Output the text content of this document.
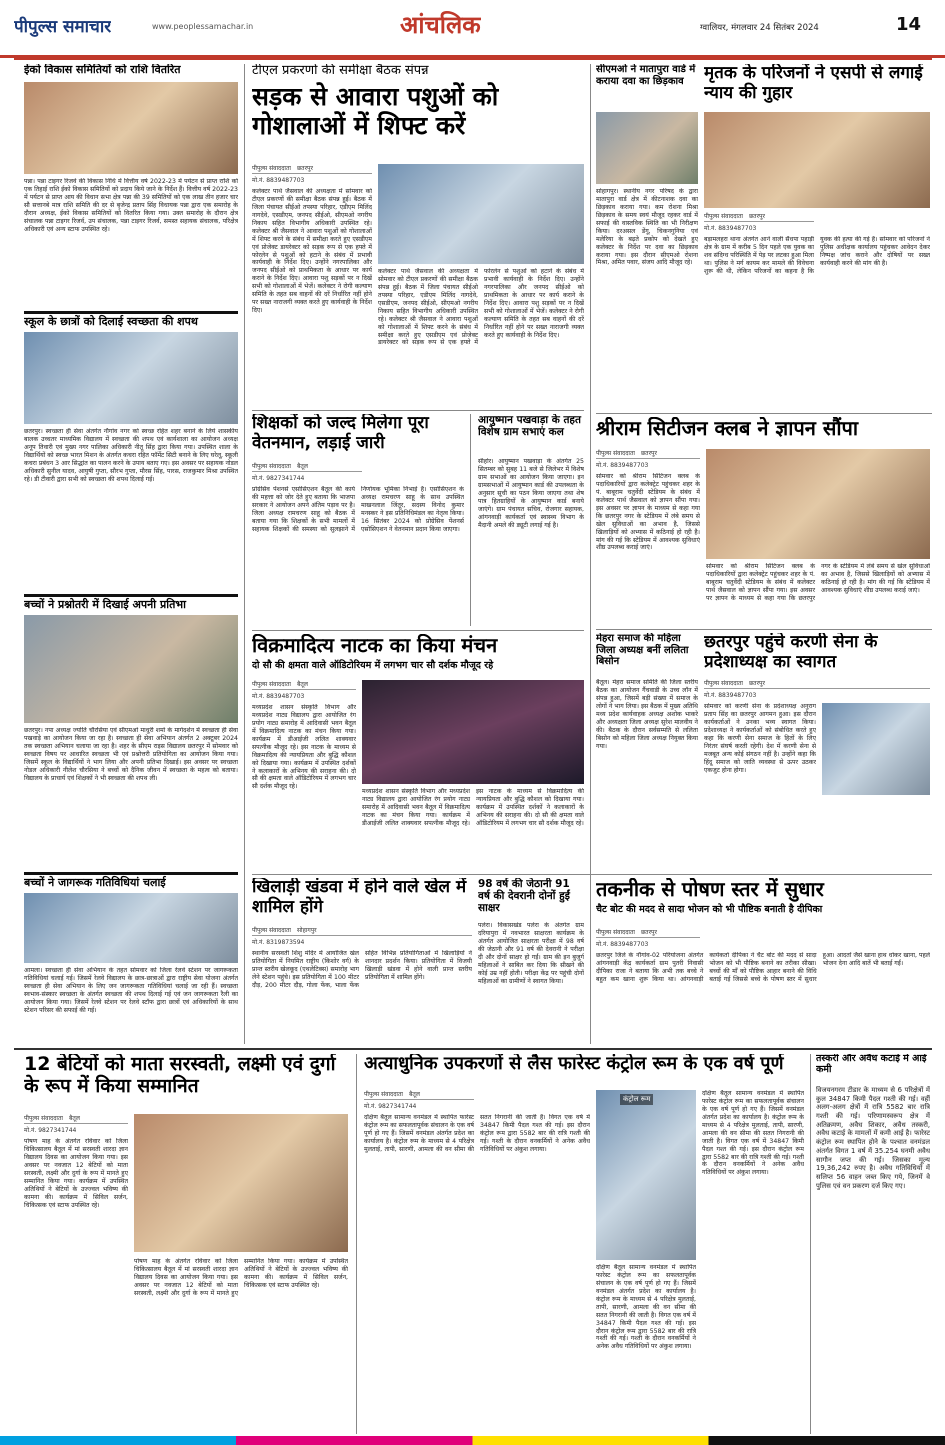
पीपुल्स समाचार	www.peoplessamachar.in	आंचलिक	ग्वालियर, मंगलवार 24 सितंबर 2024	14
ईको विकास समितियों को राशि वितरित
पन्ना। पन्ना टाइगर रिजर्व की विकास निधि में वित्तीय वर्ष 2022-23 में पर्यटन से प्राप्त राशि को एक तिहाई राशि ईको विकास समितियों को प्रदाय किये जाने के निर्देश हैं। वित्तीय वर्ष 2022-23 में पर्यटन से प्राप्त आय की विधान सभा क्षेत्र पन्ना की 39 समितियों को एक लाख तीन हजार चार सौ सत्तानबे मात्र राशि समिति की दर से बृजेन्द्र प्रताप सिंह विधायक पन्ना द्वारा एक समारोह के दौरान अध्यक्ष, ईको विकास समितियों को वितरित किया गया। उक्त समारोह के दौरान क्षेत्र संचालक पन्ना टाइगर रिजर्व, उप संचालक, पन्ना टाइगर रिजर्व, समस्त सहायक संचालक, परिक्षेत्र अधिकारी एवं अन्य स्टाफ उपस्थित रहे।
स्कूल के छात्रों को दिलाई स्वच्छता की शपथ
छतरपुर। स्वच्छता ही सेवा अंतर्गत नौगांव नगर को स्वच्छ रहित शहर बनाने के लिये शासकीय बालक उच्चतर माध्यमिक विद्यालय में स्वच्छता की शपथ एवं कार्यशाला का आयोजन अध्यक्ष अनूप तिवारी एवं मुख्य नगर पालिका अधिकारी नीतू सिंह द्वारा किया गया। उपस्थित शाला के विद्यार्थियों को स्वच्छ भारत मिशन के अंतर्गत कचरा रहित फॉर्मेट सिटी बनाने के लिए घरेलू, स्कूली कचरा प्रबंधन 3 आर सिद्धांत का पालन करने के उपाय बताए गए। इस अवसर पर सहायक नोडल अधिकारी सुनील यादव, आयुषी गुप्ता, सौरभ गुप्ता, मौरस सिंह, पारस, राजकुमार मिश्रा उपस्थित रहे। डी टीवारी द्वारा सभी को स्वच्छता की शपथ दिलाई गई।
बच्चों ने प्रश्नोतरी में दिखाई अपनी प्रतिभा
छतरपुर। नपा अध्यक्ष ज्योति चौरसिया एवं सीएमओ माधुरी शर्मा के मार्गदर्शन में स्वच्छता ही सेवा पखवाड़े का आयोजन किया जा रहा है। स्वच्छता ही सेवा अभियान अंतर्गत 2 अक्टूबर 2024 तक स्वच्छता अभियान चलाया जा रहा है। शहर के सीएम राइस विद्यालय छतरपुर में सोमवार को स्वच्छता विषय पर आधारित स्वच्छता भी एवं प्रश्नोत्तरी प्रतियोगिता का आयोजन किया गया। जिसमें स्कूल के विद्यार्थियों ने भाग लिया और अपनी प्रतिभा दिखाई। इस अवसर पर स्वच्छता नोडल अधिकारी नीलेश चौरसिया ने बच्चों को दैनिक जीवन में स्वच्छता के महत्व को बताया। विद्यालय के प्राचार्य एवं शिक्षकों ने भी स्वच्छता की शपथ ली।
बच्चों ने जागरूक गतिविधियां चलाई
आमला। स्वच्छता ही सेवा अभियान के तहत सोमवार को जिला रेलवे स्टेशन पर जागरूकता गतिविधियां चलाई गई। जिसमें रेलवे विद्यालय के छात्र-छात्राओं द्वारा राष्ट्रीय सेवा योजना अंतर्गत स्वच्छता ही सेवा अभियान के लिए जन जागरूकता गतिविधियां चलाई जा रही हैं। स्वच्छता स्वभाव-संस्कार स्वच्छता के अंतर्गत स्वच्छता की शपथ दिलाई गई एवं जन जागरूकता रैली का आयोजन किया गया। जिसमें रेलवे स्टेशन पर रेलवे स्टॉफ द्वारा छात्रों एवं अधिकारियों के साथ स्टेशन परिसर की सफाई की गई।
टीएल प्रकरणों की समीक्षा बैठक संपन्न
सड़क से आवारा पशुओं को गोशालाओं में शिफ्ट करें
पीपुल्स संवाददाता छतरपुर
मो.नं. 8839487703
कलेक्टर पार्थ जैसवाल की अध्यक्षता में सोमवार को टीएल प्रकरणों की समीक्षा बैठक संपन्न हुई। बैठक में जिला पंचायत सीईओ तपस्या परिहार, एडीएम मिलिंद नागदेवे, एसडीएम, जनपद सीईओ, सीएमओ नगरीय निकाय सहित विभागीय अधिकारी उपस्थित रहे। कलेक्टर श्री जैसवाल ने आवारा पशुओं को गोशालाओं में शिफ्ट करने के संबंध में समीक्षा करते हुए एसडीएम एवं प्रोजेक्ट डायरेक्टर को सड़क रूप से एक हफ्ते में फोरलेन से पशुओं को हटाने के संबंध में प्रभावी कार्यवाही के निर्देश दिए। उन्होंने नगरपालिका और जनपद सीईओ को प्राथमिकता के आधार पर कार्य कराने के निर्देश दिए। आवारा पशु सड़कों पर न दिखें सभी को गोशालाओं में भेजें। कलेक्टर ने रोगी कल्याण समिति के तहत सब वाहनों की दरें निर्धारित नहीं होने पर सख्त नाराजगी व्यक्त करते हुए कार्यवाही के निर्देश दिए।
कलेक्टर पार्थ जैसवाल की अध्यक्षता में सोमवार को टीएल प्रकरणों की समीक्षा बैठक संपन्न हुई। बैठक में जिला पंचायत सीईओ तपस्या परिहार, एडीएम मिलिंद नागदेवे, एसडीएम, जनपद सीईओ, सीएमओ नगरीय निकाय सहित विभागीय अधिकारी उपस्थित रहे। कलेक्टर श्री जैसवाल ने आवारा पशुओं को गोशालाओं में शिफ्ट करने के संबंध में समीक्षा करते हुए एसडीएम एवं प्रोजेक्ट डायरेक्टर को सड़क रूप से एक हफ्ते में फोरलेन से पशुओं को हटाने के संबंध में प्रभावी कार्यवाही के निर्देश दिए। उन्होंने नगरपालिका और जनपद सीईओ को प्राथमिकता के आधार पर कार्य कराने के निर्देश दिए। आवारा पशु सड़कों पर न दिखें सभी को गोशालाओं में भेजें। कलेक्टर ने रोगी कल्याण समिति के तहत सब वाहनों की दरें निर्धारित नहीं होने पर सख्त नाराजगी व्यक्त करते हुए कार्यवाही के निर्देश दिए।
शिक्षकों को जल्द मिलेगा पूरा वेतनमान, लड़ाई जारी
पीपुल्स संवाददाता बैतूल
मो.नं. 9827341744
प्रोग्रेसिव पेंशनर्स एसोसिएशन बैतूल की कार्य की महत्ता को जोर देते हुए बताया कि भाजपा सरकार ने आयोजन अपने अंतिम पड़ाव पर है। जिला अध्यक्ष रामचरण साहू को बैठक में बताया गया कि शिक्षकों के सभी मामलों में सहायक शिक्षकों की समस्या को सुलझाने में निर्णायक भूमिका निभाई है। एसोसिएशन के अध्यक्ष रामचरण साहू के साथ उपस्थित माखनलाल जिंतूर, सदस्य विनोद कुमार मनस्कर ने इस प्रतिनिधिमंडल का नेतृत्व किया। 16 सितंबर 2024 को प्रोग्रेसिव पेंशनर्स एसोसिएशन ने वेतनमान प्रदान किया जाएगा।
आयुष्मान पखवाड़ा के तहत विशेष ग्राम सभाएं कल
सीहोर। आयुष्मान पखवाड़ा के अंतर्गत 25 सितम्बर को सुबह 11 बजे से जिलेभर में विशेष ग्राम सभाओं का आयोजन किया जाएगा। इन ग्रामसभाओं में आयुष्मान कार्ड की उपलब्धता के अनुसार सूची का पठन किया जाएगा तथा शेष पात्र हितग्राहियों के आयुष्मान कार्ड बनाये जाएंगे। ग्राम पंचायत सचिव, रोजगार सहायक, आंगनवाड़ी कार्यकर्ता एवं स्वास्थ्य विभाग के मैदानी अमले की ड्यूटी लगाई गई है।
विक्रमादित्य नाटक का किया मंचन
दो सौ की क्षमता वाले ऑडिटोरियम में लगभग चार सौ दर्शक मौजूद रहे
पीपुल्स संवाददाता बैतूल
मो.नं. 8839487703
मध्यप्रदेश शासन संस्कृति विभाग और मध्यप्रदेश नाट्य विद्यालय द्वारा आयोजित रंग प्रयोग नाट्य समारोह में आदिवासी भवन बैतूल में विक्रमादित्य नाटक का मंचन किया गया। कार्यक्रम में डीआईजी ललित शाक्यवार सपत्नीक मौजूद रहे। इस नाटक के माध्यम से विक्रमादित्य की न्यायप्रियता और बुद्धि कौशल को दिखाया गया। कार्यक्रम में उपस्थित दर्शकों ने कलाकारों के अभिनय की सराहना की। दो सौ की क्षमता वाले ऑडिटोरियम में लगभग चार सौ दर्शक मौजूद रहे।
मध्यप्रदेश शासन संस्कृति विभाग और मध्यप्रदेश नाट्य विद्यालय द्वारा आयोजित रंग प्रयोग नाट्य समारोह में आदिवासी भवन बैतूल में विक्रमादित्य नाटक का मंचन किया गया। कार्यक्रम में डीआईजी ललित शाक्यवार सपत्नीक मौजूद रहे। इस नाटक के माध्यम से विक्रमादित्य की न्यायप्रियता और बुद्धि कौशल को दिखाया गया। कार्यक्रम में उपस्थित दर्शकों ने कलाकारों के अभिनय की सराहना की। दो सौ की क्षमता वाले ऑडिटोरियम में लगभग चार सौ दर्शक मौजूद रहे।
खिलाड़ी खंडवा में होने वाले खेल में शामिल होंगे
पीपुल्स संवाददाता सोहागपुर
मो.नं. 8319873594
स्थानीय सरस्वती शिशु मंदिर में आयोजित खेल प्रतियोगिता में नियमित राष्ट्रीय (किशोर वर्ग) के प्रान्त स्तरीय खेलकूद (एथलेटिक्स) समारोह भाग लेने स्टेशन पहुंचे। इस प्रतियोगिता में 100 मीटर दौड़, 200 मीटर दौड़, गोला फेंक, भाला फेंक सहित विभिन्न प्रतियोगिताओं में खिलाड़ियों ने शानदार प्रदर्शन किया। प्रतियोगिता में विजयी खिलाड़ी खंडवा में होने वाली प्रान्त स्तरीय प्रतियोगिता में शामिल होंगे।
98 वर्ष की जेठानी 91 वर्ष की देवरानी दोनों हुईं साक्षर
पलेरा। विकासखंड पलेरा के अंतर्गत ग्राम दरियापुरा में नवभारत साक्षरता कार्यक्रम के अंतर्गत आयोजित साक्षरता परीक्षा में 98 वर्ष की जेठानी और 91 वर्ष की देवरानी ने परीक्षा दी और दोनों साक्षर हो गईं। ग्राम की इन बुजुर्ग महिलाओं ने साबित कर दिया कि सीखने की कोई उम्र नहीं होती। परीक्षा केंद्र पर पहुंची दोनों महिलाओं का ग्रामीणों ने स्वागत किया।
सीएमओ ने मातापुरा वार्ड में कराया दवा का छिड़काव
सोहागपुर। स्थानीय नगर परिषद के द्वारा मातापुरा वार्ड क्षेत्र में कीटनाशक दवा का छिड़काव कराया गया। कम रोशना मिश्रा छिड़काव के समय स्वयं मौजूद रहकर वार्ड में सफाई की वास्तविक स्थिति का भी निरीक्षण किया। दरअसल डेंगू, चिकनगुनिया एवं मलेरिया के बढ़ते प्रकोप को देखते हुए कलेक्टर के निर्देश पर दवा का छिड़काव कराया गया। इस दौरान सीएमओ रोशना मिश्रा, अमित पवार, संजय आदि मौजूद रहे।
मृतक के परिजनों ने एसपी से लगाई न्याय की गुहार
पीपुल्स संवाददाता छतरपुर
मो.नं. 8839487703
बड़ामलहरा थाना अंतर्गत आने वाली सैंधपा पहाड़ी क्षेत्र के ग्राम में करीब 5 दिन पहले एक युवक का शव संदिग्ध परिस्थिति में पेड़ पर लटका हुआ मिला था। पुलिस ने मर्ग कायम कर मामले की विवेचना शुरू की थी, लेकिन परिजनों का कहना है कि युवक की हत्या की गई है। सोमवार को परिजनों ने पुलिस अधीक्षक कार्यालय पहुंचकर आवेदन देकर निष्पक्ष जांच कराने और दोषियों पर सख्त कार्यवाही करने की मांग की है।
श्रीराम सिटीजन क्लब ने ज्ञापन सौंपा
पीपुल्स संवाददाता छतरपुर
मो.नं. 8839487703
सोमवार को श्रीराम सिटिजन क्लब के पदाधिकारियों द्वारा कलेक्ट्रेट पहुंचकर शहर के पं. बाबूराम चतुर्वेदी स्टेडियम के संबंध में कलेक्टर पार्थ जैसवाल को ज्ञापन सौंपा गया। इस अवसर पर ज्ञापन के माध्यम से कहा गया कि छतरपुर नगर के स्टेडियम में लंबे समय से खेल सुविधाओं का अभाव है, जिससे खिलाड़ियों को अभ्यास में कठिनाई हो रही है। मांग की गई कि स्टेडियम में आवश्यक सुविधाएं शीघ्र उपलब्ध कराई जाएं।
सोमवार को श्रीराम सिटिजन क्लब के पदाधिकारियों द्वारा कलेक्ट्रेट पहुंचकर शहर के पं. बाबूराम चतुर्वेदी स्टेडियम के संबंध में कलेक्टर पार्थ जैसवाल को ज्ञापन सौंपा गया। इस अवसर पर ज्ञापन के माध्यम से कहा गया कि छतरपुर नगर के स्टेडियम में लंबे समय से खेल सुविधाओं का अभाव है, जिससे खिलाड़ियों को अभ्यास में कठिनाई हो रही है। मांग की गई कि स्टेडियम में आवश्यक सुविधाएं शीघ्र उपलब्ध कराई जाएं।
मेहरा समाज की महिला जिला अध्यक्ष बनीं ललिता बिसोन
बैतूल। मेहरा समाज समिति की जिला स्तरीय बैठक का आयोजन गैंचवाडी के उच्च लॉन में संपन्न हुआ, जिसमें बड़ी संख्या में समाज के लोगों ने भाग लिया। इस बैठक में मुख्य अतिथि मध्य प्रदेश कार्यवाहक अध्यक्ष अशोक भाकरे और अध्यक्षता जिला अध्यक्ष सुरेश मालवीय ने की। बैठक के दौरान सर्वसम्मति से ललिता बिसोन को महिला जिला अध्यक्ष नियुक्त किया गया।
छतरपुर पहुंचे करणी सेना के प्रदेशाध्यक्ष का स्वागत
पीपुल्स संवाददाता छतरपुर
मो.नं. 8839487703
सोमवार को करणी सेना के प्रदेशाध्यक्ष अनुराग प्रताप सिंह का छतरपुर आगमन हुआ। इस दौरान कार्यकर्ताओं ने उनका भव्य स्वागत किया। प्रदेशाध्यक्ष ने कार्यकर्ताओं को संबोधित करते हुए कहा कि करणी सेना समाज के हितों के लिए निरंतर संघर्ष करती रहेगी। देश में करणी सेना से मजबूत अन्य कोई संगठन नहीं है। उन्होंने कहा कि हिंदू समाज को जाति व्यवस्था से ऊपर उठकर एकजुट होना होगा।
तकनीक से पोषण स्तर में सुधार
चैट बोट की मदद से सादा भोजन को भी पौष्टिक बनाती है दीपिका
पीपुल्स संवाददाता छतरपुर
मो.नं. 8839487703
छतरपुर जिले के नौगांव-02 परियोजना अंतर्गत आंगनवाड़ी केंद्र कार्यकर्ता ग्राम पुतरी निवासी दीपिका राजा ने बताया कि अभी तक बच्चे ने बहुत कम खाना शुरू किया था। आंगनवाड़ी कार्यकर्ता दीपिका ने चैट बोट की मदद से सादा भोजन को भी पौष्टिक बनाने का तरीका सीखा। बच्चों की माँ को पौष्टिक आहार बनाने की विधि बताई गई जिससे बच्चे के पोषण स्तर में सुधार हुआ। आदतों जैसे खाना हाथ धोकर खाना, पहले भोजन देना आदि बातें भी बताई गईं।
12 बेटियों को माता सरस्वती, लक्ष्मी एवं दुर्गा के रूप में किया सम्मानित
पीपुल्स संवाददाता बैतूल
मो.नं. 9827341744
पोषण माह के अंतर्गत रविवार को जिला चिकित्सालय बैतूल में मां सरस्वती शारदा ज्ञान विद्यालय दिवस का आयोजन किया गया। इस अवसर पर नवजात 12 बेटियों को माता सरस्वती, लक्ष्मी और दुर्गा के रूप में मानते हुए सम्मानित किया गया। कार्यक्रम में उपस्थित अतिथियों ने बेटियों के उज्ज्वल भविष्य की कामना की। कार्यक्रम में सिविल सर्जन, चिकित्सक एवं स्टाफ उपस्थित रहे।
पोषण माह के अंतर्गत रविवार को जिला चिकित्सालय बैतूल में मां सरस्वती शारदा ज्ञान विद्यालय दिवस का आयोजन किया गया। इस अवसर पर नवजात 12 बेटियों को माता सरस्वती, लक्ष्मी और दुर्गा के रूप में मानते हुए सम्मानित किया गया। कार्यक्रम में उपस्थित अतिथियों ने बेटियों के उज्ज्वल भविष्य की कामना की। कार्यक्रम में सिविल सर्जन, चिकित्सक एवं स्टाफ उपस्थित रहे।
अत्याधुनिक उपकरणों से लैस फारेस्ट कंट्रोल रूम के एक वर्ष पूर्ण
पीपुल्स संवाददाता बैतूल
मो.नं. 9827341744
दक्षिण बैतूल सामान्य वनमंडल में स्थापित फारेस्ट कंट्रोल रूम का सफलतापूर्वक संचालन के एक वर्ष पूर्ण हो गए हैं। जिसमें वनमंडल अंतर्गत प्रदेश का कार्यालय है। कंट्रोल रूम के माध्यम से 4 परिक्षेत्र मुलताई, तापी, सारणी, आमला की वन सीमा की सतत निगरानी की जाती है। विगत एक वर्ष में 34847 किमी पैदल गश्त की गई। इस दौरान कंट्रोल रूम द्वारा 5582 बार की रात्रि गश्ती की गई। गश्ती के दौरान वनकर्मियों ने अनेक अवैध गतिविधियों पर अंकुश लगाया।
कंट्रोल रूम
दक्षिण बैतूल सामान्य वनमंडल में स्थापित फारेस्ट कंट्रोल रूम का सफलतापूर्वक संचालन के एक वर्ष पूर्ण हो गए हैं। जिसमें वनमंडल अंतर्गत प्रदेश का कार्यालय है। कंट्रोल रूम के माध्यम से 4 परिक्षेत्र मुलताई, तापी, सारणी, आमला की वन सीमा की सतत निगरानी की जाती है। विगत एक वर्ष में 34847 किमी पैदल गश्त की गई। इस दौरान कंट्रोल रूम द्वारा 5582 बार की रात्रि गश्ती की गई। गश्ती के दौरान वनकर्मियों ने अनेक अवैध गतिविधियों पर अंकुश लगाया।
दक्षिण बैतूल सामान्य वनमंडल में स्थापित फारेस्ट कंट्रोल रूम का सफलतापूर्वक संचालन के एक वर्ष पूर्ण हो गए हैं। जिसमें वनमंडल अंतर्गत प्रदेश का कार्यालय है। कंट्रोल रूम के माध्यम से 4 परिक्षेत्र मुलताई, तापी, सारणी, आमला की वन सीमा की सतत निगरानी की जाती है। विगत एक वर्ष में 34847 किमी पैदल गश्त की गई। इस दौरान कंट्रोल रूम द्वारा 5582 बार की रात्रि गश्ती की गई। गश्ती के दौरान वनकर्मियों ने अनेक अवैध गतिविधियों पर अंकुश लगाया।
तस्करी और अवैध कटाई में आई कमी
विजयनगरम टीडार के माध्यम से 6 परिक्षेत्रों में कुल 34847 किमी पैदल गश्ती की गई। वहीं अलग-अलग क्षेत्रों में रात्रि 5582 बार रात्रि गश्ती की गई। परिणामस्वरूप क्षेत्र में अतिक्रमण, अवैध शिकार, अवैध तस्करी, अवैध कटाई के मामलों में कमी आई है। फारेस्ट कंट्रोल रूम स्थापित होने के पश्चात वनमंडल अंतर्गत विगत 1 वर्ष में 35.254 घनमी अवैध सागौन जप्त की गई। जिसका मूल्य 19,36,242 रुपए है। अवैध गतिविधियों में सलिप्त 56 वाहन जब्त किए गये, जिनमें वे पुलिस एवं वन प्रकरण दर्ज किए गए।
